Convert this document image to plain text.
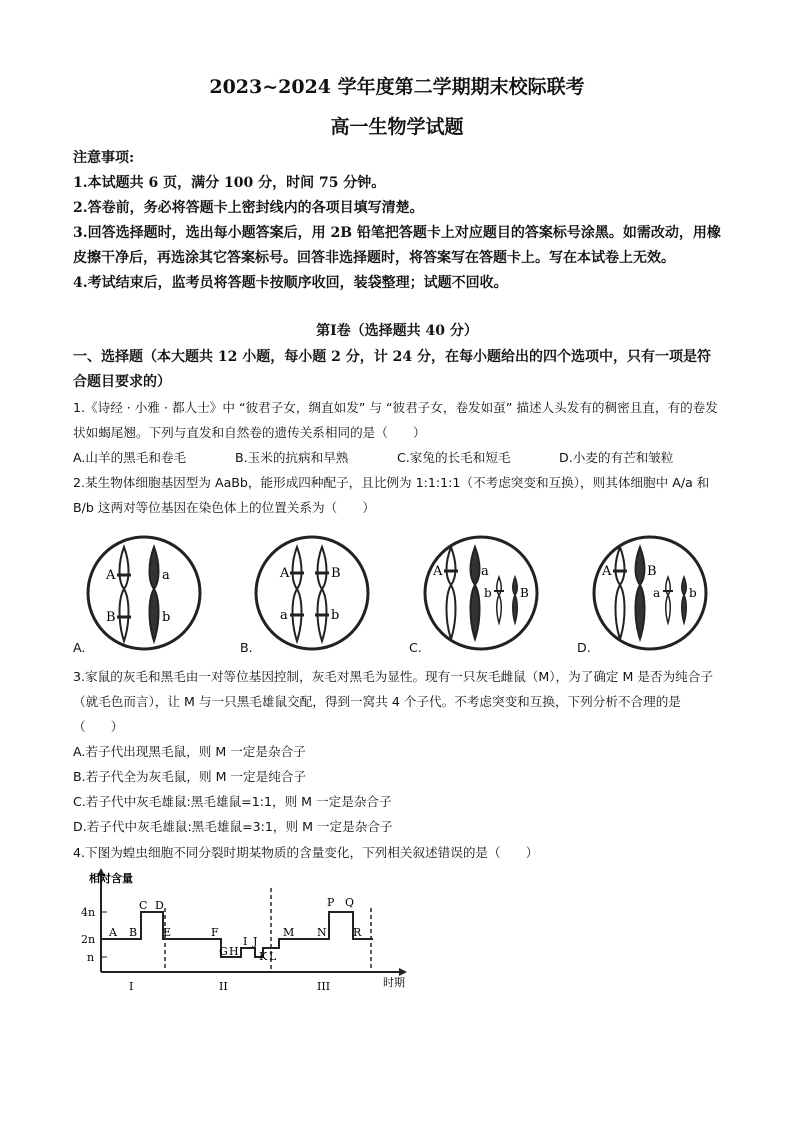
2023~2024 学年度第二学期期末校际联考
高一生物学试题

注意事项:

1.本试题共 6 页，满分 100 分，时间 75 分钟。

2.答卷前，务必将答题卡上密封线内的各项目填写清楚。

3.回答选择题时，选出每小题答案后，用 2B 铅笔把答题卡上对应题目的答案标号涂黑。如需改动，用橡皮擦干净后，再选涂其它答案标号。回答非选择题时，将答案写在答题卡上。写在本试卷上无效。

4.考试结束后，监考员将答题卡按顺序收回，装袋整理；试题不回收。

第Ⅰ卷（选择题共 40 分）
一、选择题（本大题共 12 小题，每小题 2 分，计 24 分，在每小题给出的四个选项中，只有一项是符合题目要求的）

1.《诗经 · 小雅 · 都人士》中 “彼君子女，绸直如发” 与 “彼君子女，卷发如虿” 描述人头发有的稠密且直，有的卷发状如蝎尾翘。下列与直发和自然卷的遗传关系相同的是（　　）

A.山羊的黑毛和卷毛	B.玉米的抗病和早熟	C.家兔的长毛和短毛	D.小麦的有芒和皱粒

2.某生物体细胞基因型为 AaBb，能形成四种配子，且比例为 1:1:1:1（不考虑突变和互换），则其体细胞中 A/a 和 B/b 这两对等位基因在染色体上的位置关系为（　　）

A	a
B	b
A	B
a	b
A	a
b B
A	B
a b
A.	B.	C.	D.

3.家鼠的灰毛和黑毛由一对等位基因控制，灰毛对黑毛为显性。现有一只灰毛雌鼠（M），为了确定 M 是否为纯合子（就毛色而言），让 M 与一只黑毛雄鼠交配，得到一窝共 4 个子代。不考虑突变和互换，下列分析不合理的是（　　）

A.若子代出现黑毛鼠，则 M 一定是杂合子

B.若子代全为灰毛鼠，则 M 一定是纯合子

C.若子代中灰毛雄鼠:黑毛雄鼠=1:1，则 M 一定是杂合子

D.若子代中灰毛雄鼠:黑毛雄鼠=3:1，则 M 一定是杂合子

4.下图为蝗虫细胞不同分裂时期某物质的含量变化，下列相关叙述错误的是（　　）

相对含量
时期
4n
2n
n
I	II	III
A B
C D
E	F
G H
I J
K L
M N
P Q
R
